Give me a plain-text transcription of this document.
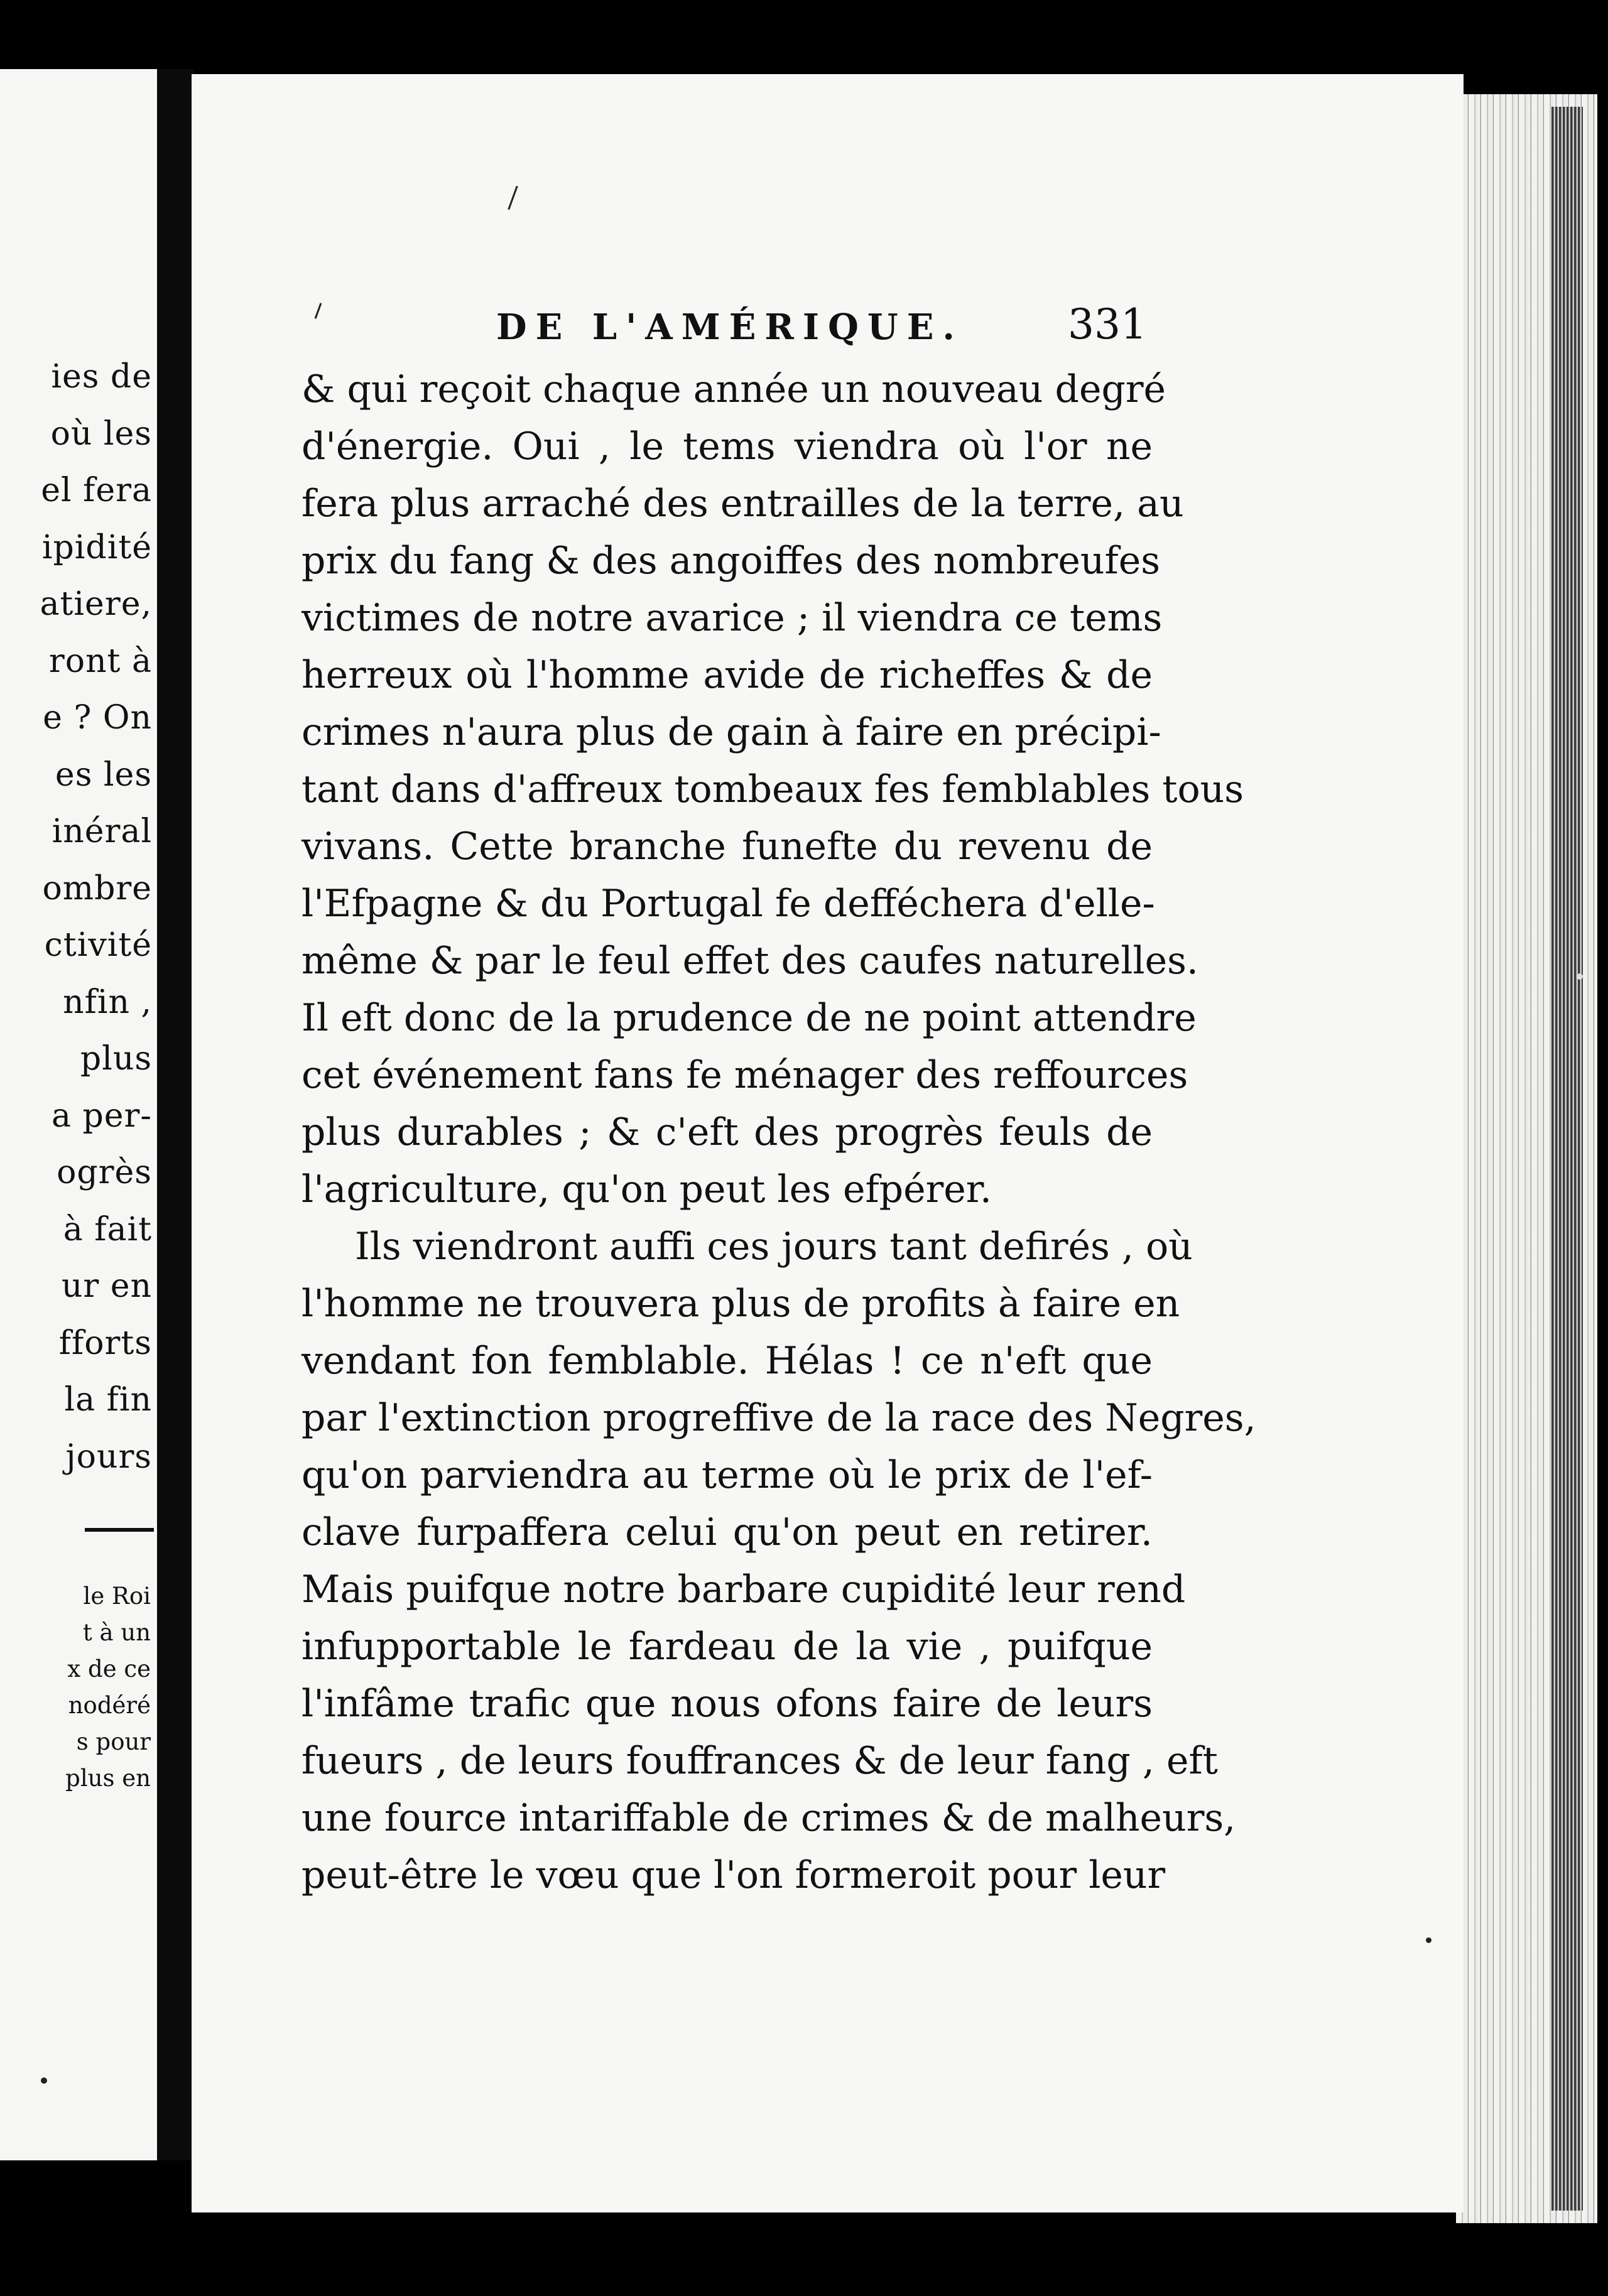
ies de
où les
el fera
ipidité
atiere,
ront à
e ? On
es les
inéral
ombre
ctivité
nfin ,
plus
a per-
ogrès
à fait
ur en
fforts
la fin
jours
le Roi
t à un
x de ce
nodéré
s pour
plus en
DE L'AMÉRIQUE.	331
& qui reçoit chaque année un nouveau degré
d'énergie. Oui , le tems viendra où l'or ne
fera plus arraché des entrailles de la terre, au
prix du fang & des angoiffes des nombreufes
victimes de notre avarice ; il viendra ce tems
herreux où l'homme avide de richeffes & de
crimes n'aura plus de gain à faire en précipi-
tant dans d'affreux tombeaux fes femblables tous
vivans. Cette branche funefte du revenu de
l'Efpagne & du Portugal fe defféchera d'elle-
même & par le feul effet des caufes naturelles.
Il eft donc de la prudence de ne point attendre
cet événement fans fe ménager des reffources
plus durables ; & c'eft des progrès feuls de
l'agriculture, qu'on peut les efpérer.
Ils viendront auffi ces jours tant defirés , où
l'homme ne trouvera plus de profits à faire en
vendant fon femblable. Hélas ! ce n'eft que
par l'extinction progreffive de la race des Negres,
qu'on parviendra au terme où le prix de l'ef-
clave furpaffera celui qu'on peut en retirer.
Mais puifque notre barbare cupidité leur rend
infupportable le fardeau de la vie , puifque
l'infâme trafic que nous ofons faire de leurs
fueurs , de leurs fouffrances & de leur fang , eft
une fource intariffable de crimes & de malheurs,
peut-être le vœu que l'on formeroit pour leur
